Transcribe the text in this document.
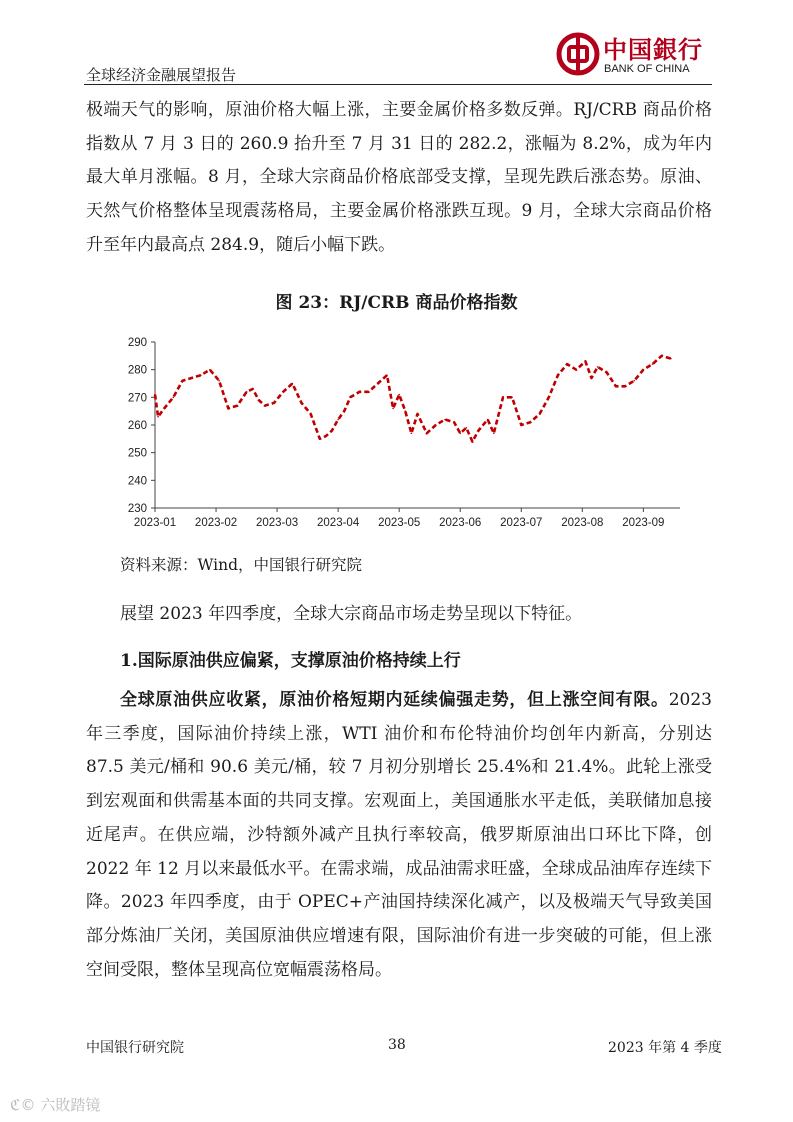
全球经济金融展望报告
中国銀行
BANK OF CHINA

极端天气的影响，原油价格大幅上涨，主要金属价格多数反弹。RJ/CRB 商品价格指数从 7 月 3 日的 260.9 抬升至 7 月 31 日的 282.2，涨幅为 8.2%，成为年内最大单月涨幅。8 月，全球大宗商品价格底部受支撑，呈现先跌后涨态势。原油、天然气价格整体呈现震荡格局，主要金属价格涨跌互现。9 月，全球大宗商品价格升至年内最高点 284.9，随后小幅下跌。

图 23：RJ/CRB 商品价格指数
230
240
250
260
270
280
290
2023-01 2023-02 2023-03 2023-04 2023-05 2023-06 2023-07 2023-08 2023-09
资料来源：Wind，中国银行研究院
展望 2023 年四季度，全球大宗商品市场走势呈现以下特征。
1.国际原油供应偏紧，支撑原油价格持续上行

全球原油供应收紧，原油价格短期内延续偏强走势，但上涨空间有限。2023 年三季度，国际油价持续上涨，WTI 油价和布伦特油价均创年内新高，分别达 87.5 美元/桶和 90.6 美元/桶，较 7 月初分别增长 25.4%和 21.4%。此轮上涨受到宏观面和供需基本面的共同支撑。宏观面上，美国通胀水平走低，美联储加息接近尾声。在供应端，沙特额外减产且执行率较高，俄罗斯原油出口环比下降，创 2022 年 12 月以来最低水平。在需求端，成品油需求旺盛，全球成品油库存连续下降。2023 年四季度，由于 OPEC+产油国持续深化减产，以及极端天气导致美国部分炼油厂关闭，美国原油供应增速有限，国际油价有进一步突破的可能，但上涨空间受限，整体呈现高位宽幅震荡格局。

中国银行研究院	38	2023 年第 4 季度
ℭ© 六敗踏镜
